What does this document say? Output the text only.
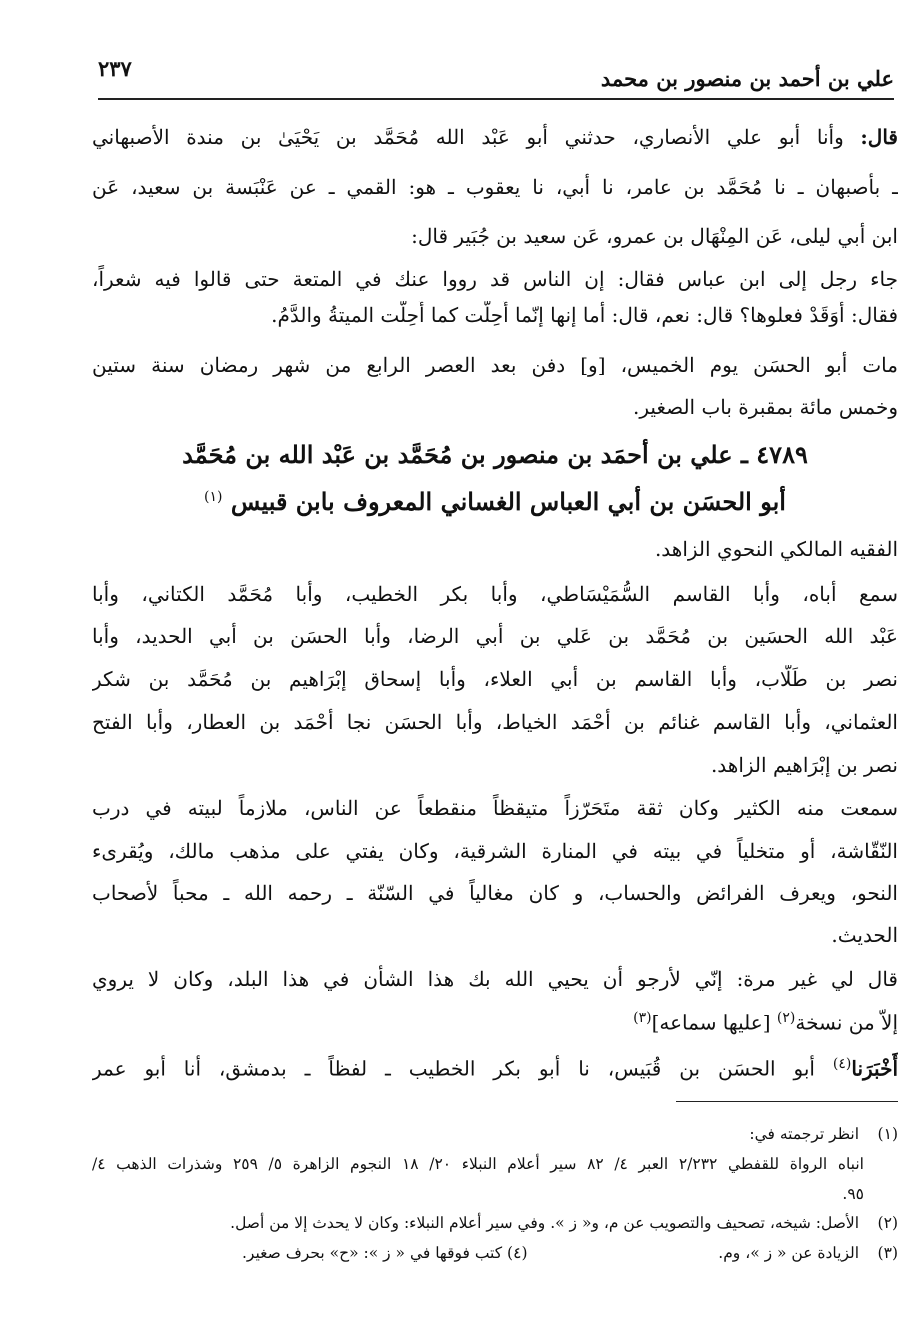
علي بن أحمد بن منصور بن محمد
٢٣٧
قال: وأنا أبو علي الأنصاري، حدثني أبو عَبْد الله مُحَمَّد بن يَحْيَىٰ بن مندة الأصبهاني
ـ بأصبهان ـ نا مُحَمَّد بن عامر، نا أبي، نا يعقوب ـ هو: القمي ـ عن عَنْبَسة بن سعيد، عَن
ابن أبي ليلى، عَن المِنْهَال بن عمرو، عَن سعيد بن جُبَير قال:
جاء رجل إلى ابن عباس فقال: إن الناس قد رووا عنك في المتعة حتى قالوا فيه شعراً،
فقال: أَوَقَدْ فعلوها؟ قال: نعم، قال: أما إنها إنّما أُحِلّت كما أُحِلّت الميتةُ والدَّمُ.
مات أبو الحسَن يوم الخميس، [و] دفن بعد العصر الرابع من شهر رمضان سنة ستين
وخمس مائة بمقبرة باب الصغير.
٤٧٨٩ ـ علي بن أحمَد بن منصور بن مُحَمَّد بن عَبْد الله بن مُحَمَّد
أبو الحسَن بن أبي العباس الغساني المعروف بابن قبيس $^{(١)}$
الفقيه المالكي النحوي الزاهد.
سمع أباه، وأبا القاسم السُّمَيْسَاطي، وأبا بكر الخطيب، وأبا مُحَمَّد الكتاني، وأبا
عَبْد الله الحسَين بن مُحَمَّد بن عَلي بن أبي الرضا، وأبا الحسَن بن أبي الحديد، وأبا
نصر بن طَلّاب، وأبا القاسم بن أبي العلاء، وأبا إسحاق إبْرَاهيم بن مُحَمَّد بن شكر
العثماني، وأبا القاسم غنائم بن أحْمَد الخياط، وأبا الحسَن نجا أحْمَد بن العطار، وأبا الفتح
نصر بن إبْرَاهيم الزاهد.
سمعت منه الكثير وكان ثقة متَحَرّزاً متيقظاً منقطعاً عن الناس، ملازماً لبيته في درب
النّقّاشة، أو متخلياً في بيته في المنارة الشرقية، وكان يفتي على مذهب مالك، ويُقرىء
النحو، ويعرف الفرائض والحساب، و كان مغالياً في السّنّة ـ رحمه الله ـ محباً لأصحاب
الحديث.
قال لي غير مرة: إنّي لأرجو أن يحيي الله بك هذا الشأن في هذا البلد، وكان لا يروي
إلاّ من نسخة$^{(٢)}$ [عليها سماعه]$^{(٣)}$
أَخْبَرَنا$^{(٤)}$ أبو الحسَن بن قُبَيس، نا أبو بكر الخطيب ـ لفظاً ـ بدمشق، أنا أبو عمر
(١) انظر ترجمته في:
انباه الرواة للقفطي ٢/٢٣٢ العبر ٤/ ٨٢ سير أعلام النبلاء ٢٠/ ١٨ النجوم الزاهرة ٥/ ٢٥٩ وشذرات الذهب ٤/
٩٥.
(٢) الأصل: شيخه، تصحيف والتصويب عن م، و« ز ». وفي سير أعلام النبلاء: وكان لا يحدث إلا من أصل.
(٣) الزيادة عن « ز »، وم.
(٤) كتب فوقها في « ز »: «ح» بحرف صغير.
